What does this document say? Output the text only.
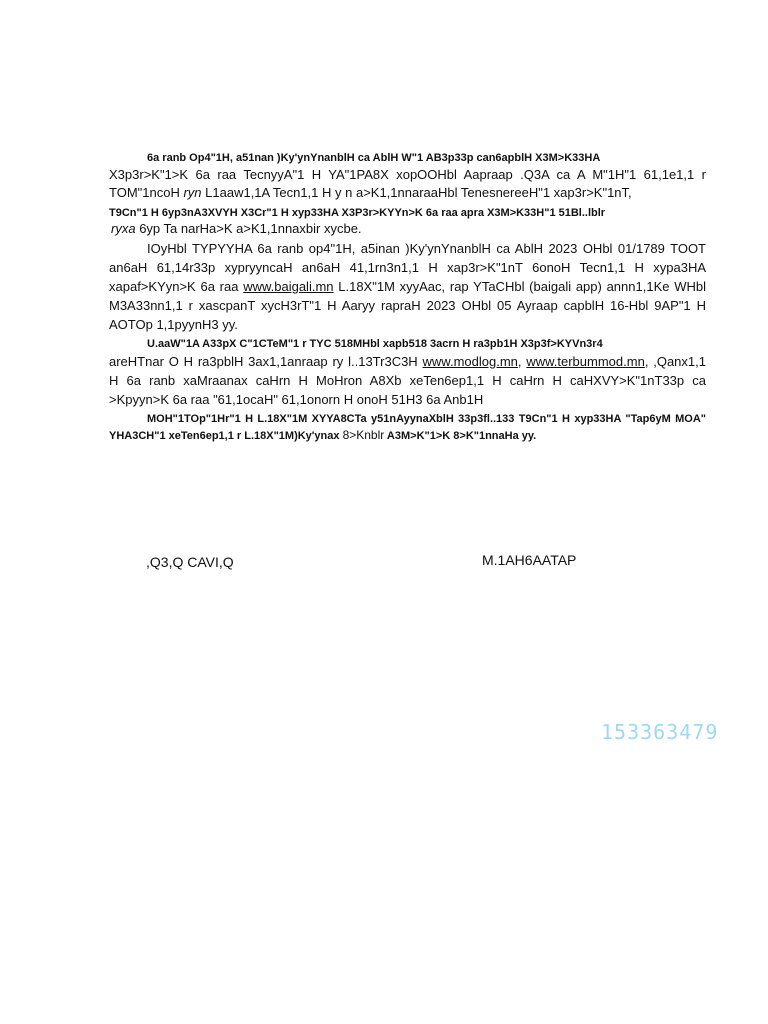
6a ranb Op4"1H, a51nan )Ky'ynYnanblH ca AblH W"1 AB3p33p can6apblH X3M>K33HA

X3p3r>K"1>K 6a raa TecnyyA"1 H YA"1PA8X xopOOHbl Aapraap .Q3A ca A M"1H"1 61,1e1,1 r TOM"1ncoH ryn L1aaw1,1A Tecn1,1 H y n a>K1,1nnaraaHbl TenesnereeH"1 xap3r>K"1nT,

T9Cn"1 H 6yp3nA3XVYH X3Cr"1 H xyp33HA X3P3r>KYYn>K 6a raa apra X3M>K33H"1 51Bl..lblr

ryxa 6yp Ta narHa>K a>K1,1nnaxbir xycbe.

IOyHbl TYPYYHA 6a ranb op4"1H, a5inan )Ky'ynYnanblH ca AblH 2023 OHbl 01/1789 TOOT an6aH 61,14r33p xypryyncaH an6aH 41,1rn3n1,1 H xap3r>K"1nT 6onoH Tecn1,1 H xypa3HA xapaf>KYyn>K 6a raa www.baigali.mn L.18X"1M xyyAac, rap YTaCHbl (baigali app) annn1,1Ke WHbl M3A33nn1,1 r xascpanT xycH3rT"1 H Aaryy rapraH 2023 OHbl 05 Ayraap capblH 16-Hbl 9AP"1 H AOTOp 1,1pyynH3 yy.

U.aaW"1A A33pX C"1CTeM"1 r TYC 518MHbl xapb518 3acrn H ra3pb1H X3p3f>KYVn3r4

areHTnar O H ra3pblH 3ax1,1anraap ry l..13Tr3C3H www.modlog.mn, www.terbummod.mn, ,Qanx1,1 H 6a ranb xaMraanax caHrn H MoHron A8Xb xeTen6ep1,1 H caHrn H caHXVY>K"1nT33p ca >Kpyyn>K 6a raa "61,1ocaH" 61,1onorn H onoH 51H3 6a Anb1H

MOH"1TOp"1Hr"1 H L.18X"1M XYYA8CTa y51nAyynaXblH 33p3fl..133 T9Cn"1 H xyp33HA "Tap6yM MOA" YHA3CH"1 xeTen6ep1,1 r L.18X"1M)Ky'ynax 8>Knblr A3M>K"1>K 8>K"1nnaHa yy.

,Q3,Q CAVI,Q	M.1AH6AATAP
153363479
